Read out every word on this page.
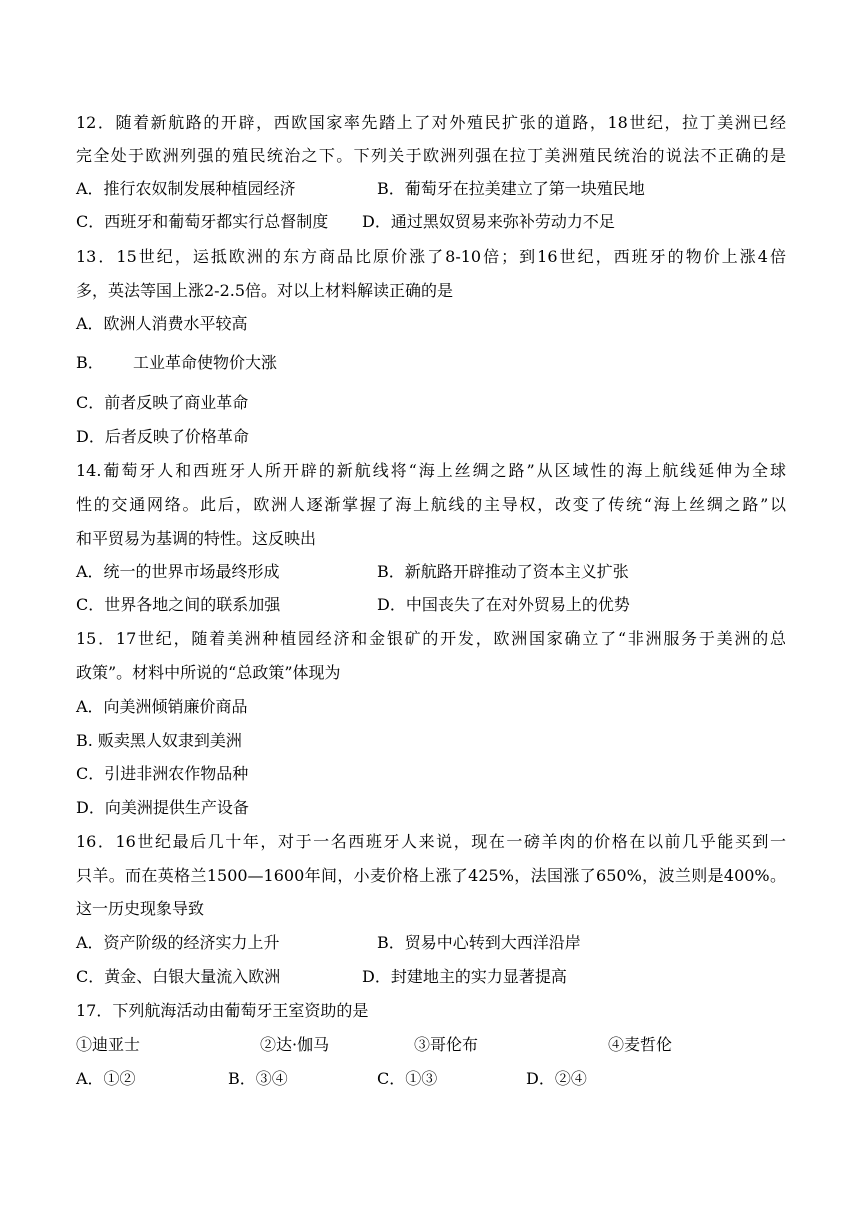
12．随着新航路的开辟，西欧国家率先踏上了对外殖民扩张的道路，18世纪，拉丁美洲已经
完全处于欧洲列强的殖民统治之下。下列关于欧洲列强在拉丁美洲殖民统治的说法不正确的是
A．推行农奴制发展种植园经济	B．葡萄牙在拉美建立了第一块殖民地
C．西班牙和葡萄牙都实行总督制度 D．通过黑奴贸易来弥补劳动力不足
13．15世纪，运抵欧洲的东方商品比原价涨了8-10倍；到16世纪，西班牙的物价上涨4倍
多，英法等国上涨2-2.5倍。对以上材料解读正确的是
A．欧洲人消费水平较高
B． 工业革命使物价大涨
C．前者反映了商业革命
D．后者反映了价格革命
14.葡萄牙人和西班牙人所开辟的新航线将“海上丝绸之路”从区域性的海上航线延伸为全球
性的交通网络。此后，欧洲人逐渐掌握了海上航线的主导权，改变了传统“海上丝绸之路”以
和平贸易为基调的特性。这反映出
A．统一的世界市场最终形成	B．新航路开辟推动了资本主义扩张
C．世界各地之间的联系加强	D．中国丧失了在对外贸易上的优势
15．17世纪，随着美洲种植园经济和金银矿的开发，欧洲国家确立了“非洲服务于美洲的总
政策”。材料中所说的“总政策”体现为
A．向美洲倾销廉价商品
B. 贩卖黑人奴隶到美洲
C．引进非洲农作物品种
D．向美洲提供生产设备
16．16世纪最后几十年，对于一名西班牙人来说，现在一磅羊肉的价格在以前几乎能买到一
只羊。而在英格兰1500—1600年间，小麦价格上涨了425%，法国涨了650%，波兰则是400%。
这一历史现象导致
A．资产阶级的经济实力上升	B．贸易中心转到大西洋沿岸
C．黄金、白银大量流入欧洲	D．封建地主的实力显著提高
17．下列航海活动由葡萄牙王室资助的是
①迪亚士	②达·伽马	③哥伦布	④麦哲伦
A．①②	B．③④	C．①③	D．②④
